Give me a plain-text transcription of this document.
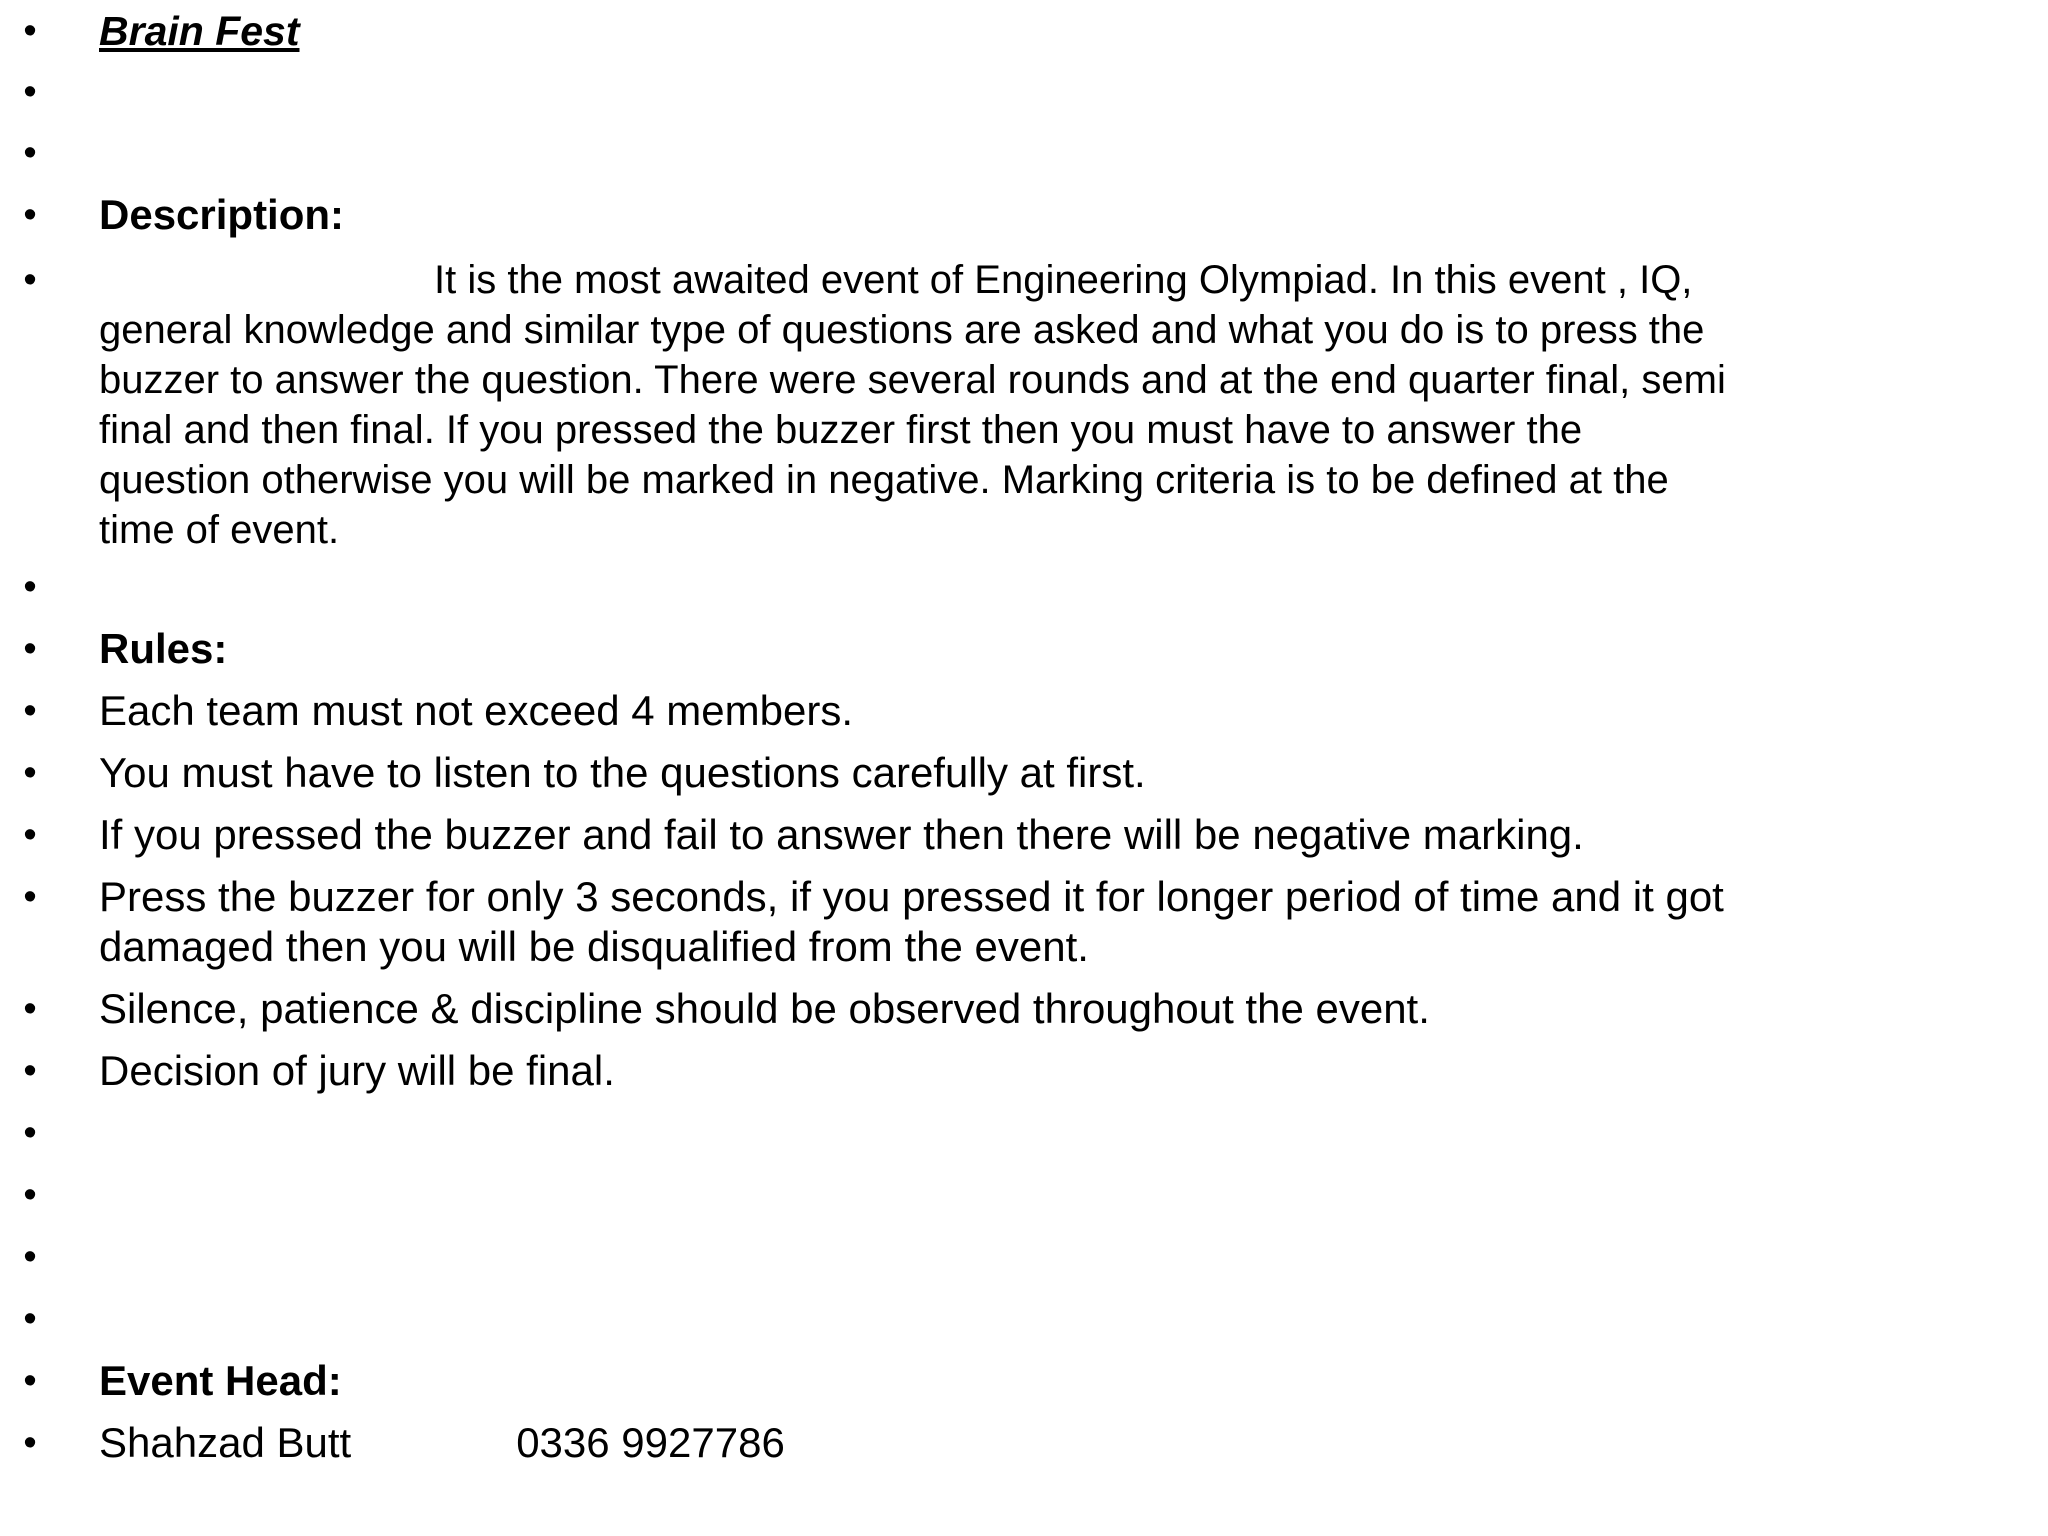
• Brain Fest
•
•
• Description:
•	It is the most awaited event of Engineering Olympiad. In this event , IQ,
general knowledge and similar type of questions are asked and what you do is to press the
buzzer to answer the question. There were several rounds and at the end quarter final, semi
final and then final. If you pressed the buzzer first then you must have to answer the
question otherwise you will be marked in negative. Marking criteria is to be defined at the
time of event.
•
• Rules:
• Each team must not exceed 4 members.
• You must have to listen to the questions carefully at first.
• If you pressed the buzzer and fail to answer then there will be negative marking.
• Press the buzzer for only 3 seconds, if you pressed it for longer period of time and it got
damaged then you will be disqualified from the event.
• Silence, patience & discipline should be observed throughout the event.
• Decision of jury will be final.
•
•
•
•
• Event Head:
• Shahzad Butt	0336 9927786
